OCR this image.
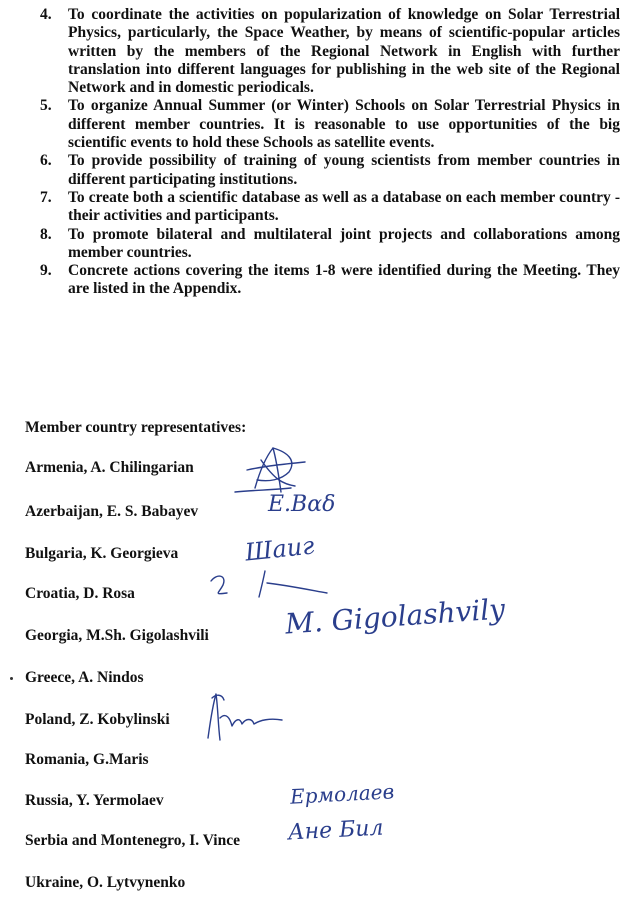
4. To coordinate the activities on popularization of knowledge on Solar Terrestrial Physics, particularly, the Space Weather, by means of scientific-popular articles written by the members of the Regional Network in English with further translation into different languages for publishing in the web site of the Regional Network and in domestic periodicals.
5. To organize Annual Summer (or Winter) Schools on Solar Terrestrial Physics in different member countries. It is reasonable to use opportunities of the big scientific events to hold these Schools as satellite events.
6. To provide possibility of training of young scientists from member countries in different participating institutions.
7. To create both a scientific database as well as a database on each member country - their activities and participants.
8. To promote bilateral and multilateral joint projects and collaborations among member countries.
9. Concrete actions covering the items 1-8 were identified during the Meeting. They are listed in the Appendix.
Member country representatives:
Armenia, A. Chilingarian
Azerbaijan, E. S. Babayev
Bulgaria, K. Georgieva
Croatia, D. Rosa
Georgia, M.Sh. Gigolashvili
Greece, A. Nindos
Poland, Z. Kobylinski
Romania, G.Maris
Russia, Y. Yermolaev
Serbia and Montenegro, I. Vince
Ukraine, O. Lytvynenko
Ε.Βαδ
Шаиг
M. Gigolashvily
Ермолаев
Ане Бил
